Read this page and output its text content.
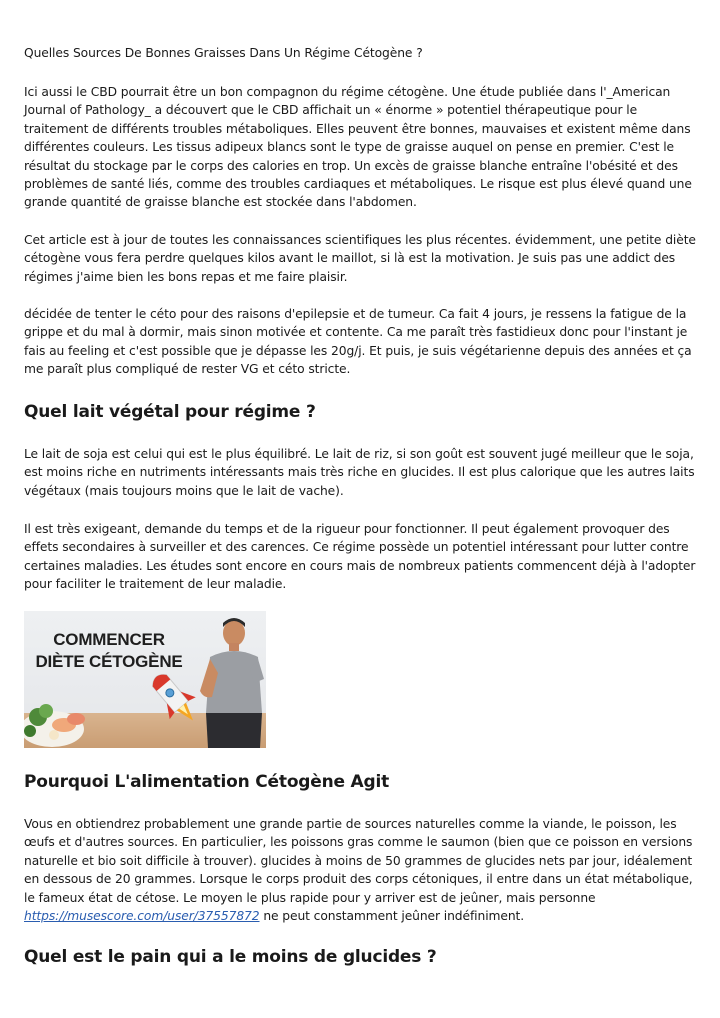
Quelles Sources De Bonnes Graisses Dans Un Régime Cétogène ?

Ici aussi le CBD pourrait être un bon compagnon du régime cétogène. Une étude publiée dans l'_American Journal of Pathology_ a découvert que le CBD affichait un « énorme » potentiel thérapeutique pour le traitement de différents troubles métaboliques. Elles peuvent être bonnes, mauvaises et existent même dans différentes couleurs. Les tissus adipeux blancs sont le type de graisse auquel on pense en premier. C'est le résultat du stockage par le corps des calories en trop. Un excès de graisse blanche entraîne l'obésité et des problèmes de santé liés, comme des troubles cardiaques et métaboliques. Le risque est plus élevé quand une grande quantité de graisse blanche est stockée dans l'abdomen.

Cet article est à jour de toutes les connaissances scientifiques les plus récentes. évidemment, une petite diète cétogène vous fera perdre quelques kilos avant le maillot, si là est la motivation. Je suis pas une addict des régimes j'aime bien les bons repas et me faire plaisir.

décidée de tenter le céto pour des raisons d'epilepsie et de tumeur. Ca fait 4 jours, je ressens la fatigue de la grippe et du mal à dormir, mais sinon motivée et contente. Ca me paraît très fastidieux donc pour l'instant je fais au feeling et c'est possible que je dépasse les 20g/j. Et puis, je suis végétarienne depuis des années et ça me paraît plus compliqué de rester VG et céto stricte.

Quel lait végétal pour régime ?

Le lait de soja est celui qui est le plus équilibré. Le lait de riz, si son goût est souvent jugé meilleur que le soja, est moins riche en nutriments intéressants mais très riche en glucides. Il est plus calorique que les autres laits végétaux (mais toujours moins que le lait de vache).

Il est très exigeant, demande du temps et de la rigueur pour fonctionner. Il peut également provoquer des effets secondaires à surveiller et des carences. Ce régime possède un potentiel intéressant pour lutter contre certaines maladies. Les études sont encore en cours mais de nombreux patients commencent déjà à l'adopter pour faciliter le traitement de leur maladie.

COMMENCER
DIÈTE CÉTOGÈNE
Pourquoi L'alimentation Cétogène Agit

Vous en obtiendrez probablement une grande partie de sources naturelles comme la viande, le poisson, les œufs et d'autres sources. En particulier, les poissons gras comme le saumon (bien que ce poisson en versions naturelle et bio soit difficile à trouver). glucides à moins de 50 grammes de glucides nets par jour, idéalement en dessous de 20 grammes. Lorsque le corps produit des corps cétoniques, il entre dans un état métabolique, le fameux état de cétose. Le moyen le plus rapide pour y arriver est de jeûner, mais personne https://musescore.com/user/37557872 ne peut constamment jeûner indéfiniment.

Quel est le pain qui a le moins de glucides ?
